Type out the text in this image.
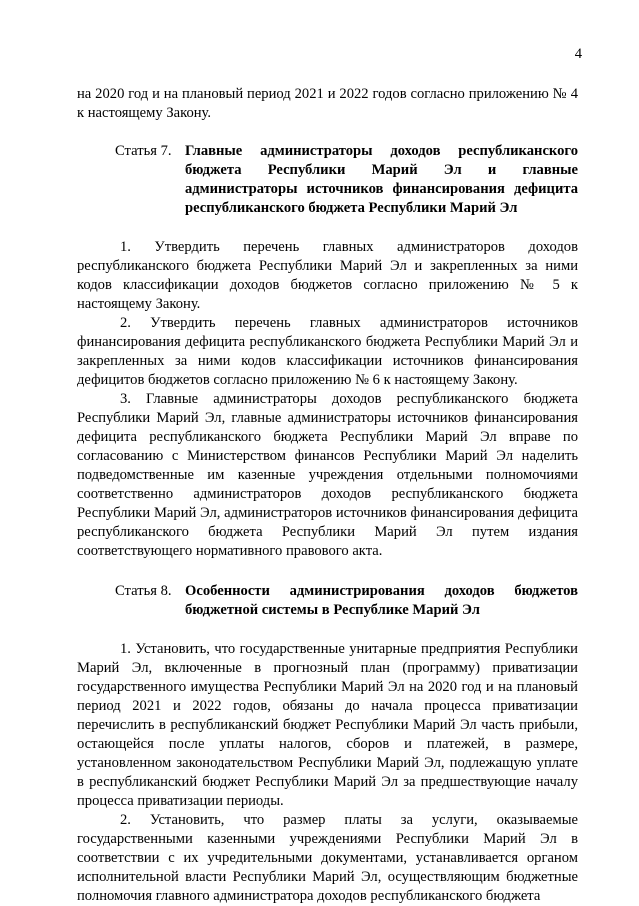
4

на 2020 год и на плановый период 2021 и 2022 годов согласно приложению № 4 к настоящему Закону.

Статья 7. Главные администраторы доходов республиканского бюджета Республики Марий Эл и главные администраторы источников финансирования дефицита республиканского бюджета Республики Марий Эл

1. Утвердить перечень главных администраторов доходов республиканского бюджета Республики Марий Эл и закрепленных за ними кодов классификации доходов бюджетов согласно приложению № 5 к настоящему Закону.

2. Утвердить перечень главных администраторов источников финансирования дефицита республиканского бюджета Республики Марий Эл и закрепленных за ними кодов классификации источников финансирования дефицитов бюджетов согласно приложению № 6 к настоящему Закону.

3. Главные администраторы доходов республиканского бюджета Республики Марий Эл, главные администраторы источников финансирования дефицита республиканского бюджета Республики Марий Эл вправе по согласованию с Министерством финансов Республики Марий Эл наделить подведомственные им казенные учреждения отдельными полномочиями соответственно администраторов доходов республиканского бюджета Республики Марий Эл, администраторов источников финансирования дефицита республиканского бюджета Республики Марий Эл путем издания соответствующего нормативного правового акта.

Статья 8. Особенности администрирования доходов бюджетов бюджетной системы в Республике Марий Эл

1. Установить, что государственные унитарные предприятия Республики Марий Эл, включенные в прогнозный план (программу) приватизации государственного имущества Республики Марий Эл на 2020 год и на плановый период 2021 и 2022 годов, обязаны до начала процесса приватизации перечислить в республиканский бюджет Республики Марий Эл часть прибыли, остающейся после уплаты налогов, сборов и платежей, в размере, установленном законодательством Республики Марий Эл, подлежащую уплате в республиканский бюджет Республики Марий Эл за предшествующие началу процесса приватизации периоды.

2. Установить, что размер платы за услуги, оказываемые государственными казенными учреждениями Республики Марий Эл в соответствии с их учредительными документами, устанавливается органом исполнительной власти Республики Марий Эл, осуществляющим бюджетные полномочия главного администратора доходов республиканского бюджета
